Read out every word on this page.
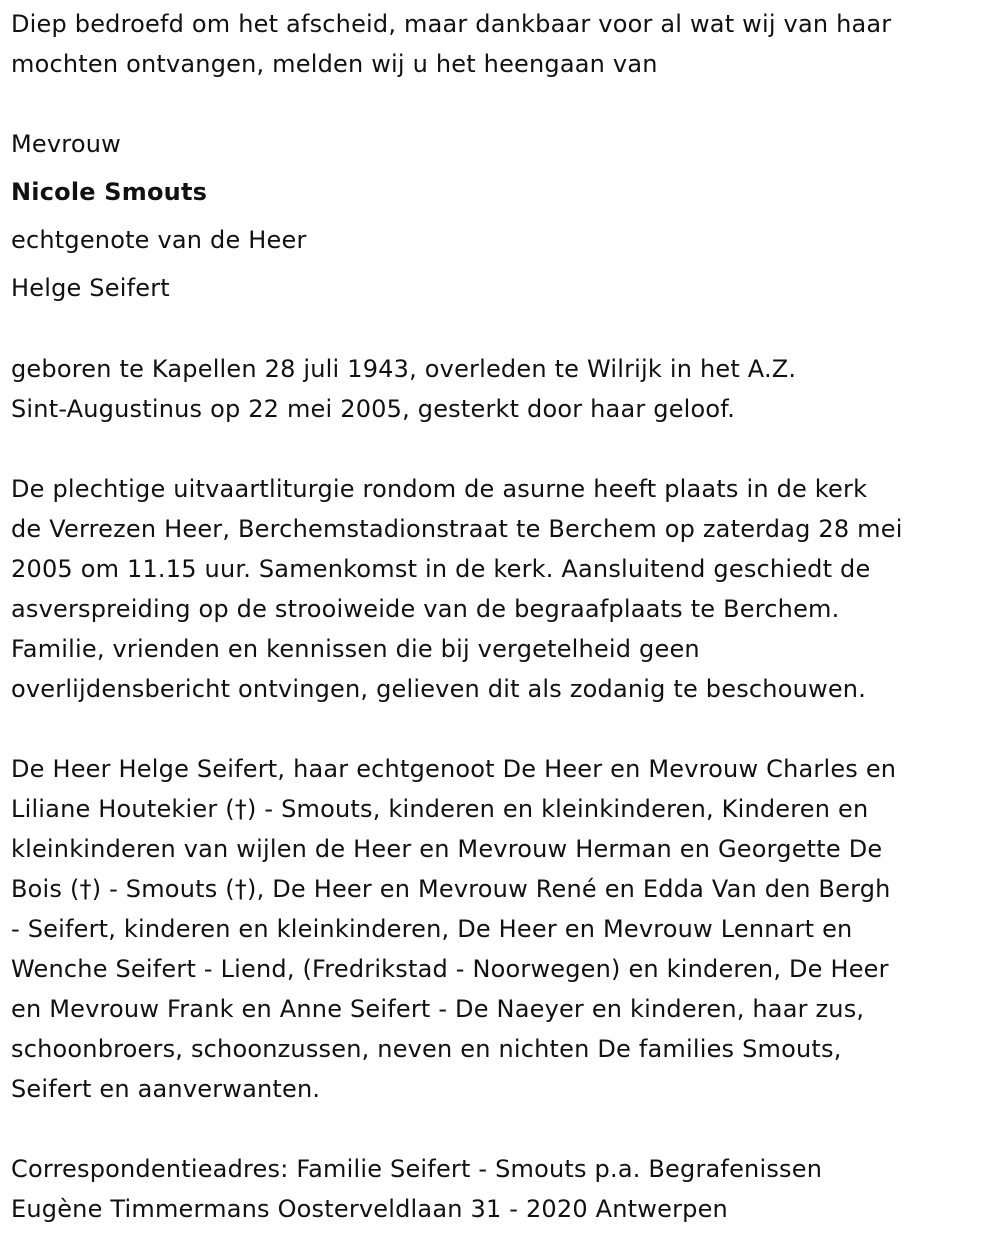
Diep bedroefd om het afscheid, maar dankbaar voor al wat wij van haar
mochten ontvangen, melden wij u het heengaan van
Mevrouw
Nicole Smouts
echtgenote van de Heer
Helge Seifert
geboren te Kapellen 28 juli 1943, overleden te Wilrijk in het A.Z.
Sint-Augustinus op 22 mei 2005, gesterkt door haar geloof.
De plechtige uitvaartliturgie rondom de asurne heeft plaats in de kerk
de Verrezen Heer, Berchemstadionstraat te Berchem op zaterdag 28 mei
2005 om 11.15 uur. Samenkomst in de kerk. Aansluitend geschiedt de
asverspreiding op de strooiweide van de begraafplaats te Berchem.
Familie, vrienden en kennissen die bij vergetelheid geen
overlijdensbericht ontvingen, gelieven dit als zodanig te beschouwen.
De Heer Helge Seifert, haar echtgenoot De Heer en Mevrouw Charles en
Liliane Houtekier (†) - Smouts, kinderen en kleinkinderen, Kinderen en
kleinkinderen van wijlen de Heer en Mevrouw Herman en Georgette De
Bois (†) - Smouts (†), De Heer en Mevrouw René en Edda Van den Bergh
- Seifert, kinderen en kleinkinderen, De Heer en Mevrouw Lennart en
Wenche Seifert - Liend, (Fredrikstad - Noorwegen) en kinderen, De Heer
en Mevrouw Frank en Anne Seifert - De Naeyer en kinderen, haar zus,
schoonbroers, schoonzussen, neven en nichten De families Smouts,
Seifert en aanverwanten.
Correspondentieadres: Familie Seifert - Smouts p.a. Begrafenissen
Eugène Timmermans Oosterveldlaan 31 - 2020 Antwerpen
